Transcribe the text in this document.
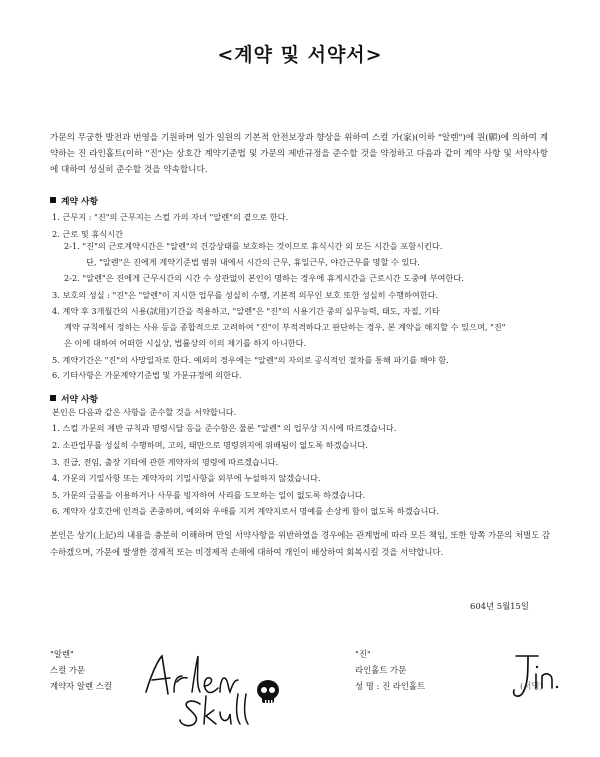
<계약 및 서약서>

가문의 무궁한 발전과 번영을 기원하며 일가 일원의 기본적 안전보장과 향상을 위하여 스컬 가(家)(이하 "알렌")에 원(願)에 의하여 계약하는 진 라인홀트(이하 "진")는 상호간 계약기준법 및 가문의 제반규정을 준수할 것을 약정하고 다음과 같이 계약 사항 및 서약사항에 대하여 성실히 준수할 것을 약속합니다.

계약 사항
1. 근무지 : "진"의 근무지는 스컬 가의 자녀 "알렌"의 곁으로 한다.
2. 근로 및 휴식시간
2-1. "진"의 근로계약시간은 "알렌"의 건강상태를 보호하는 것이므로 휴식시간 외 모든 시간을 포함시킨다.
단, "알렌"은 진에게 계약기준법 범위 내에서 시간의 근무, 휴일근무, 야간근무를 명할 수 있다.
2-2. "알렌"은 진에게 근무시간의 시간 수 상관없이 본인이 명하는 경우에 휴게시간을 근로시간 도중에 부여한다.
3. 보호의 성실 : "진"은 "알렌"이 지시한 업무를 성실히 수행, 기본적 의무인 보호 또한 성실히 수행하여한다.
4. 계약 후 3개월간의 시용(試用)기간을 적용하고, "알렌"은 "진"의 시용기간 중의 실무능력, 태도, 자질, 기타
계약 규칙에서 정하는 사유 등을 종합적으로 고려하여 "진"이 부적격하다고 판단하는 경우, 본 계약을 해지할 수 있으며, "진"
은 이에 대하여 어떠한 시실상, 법률상의 이의 제기를 하지 아니한다.
5. 계약기간은 "진"의 사망일자로 한다. 예외의 경우에는 "알렌"의 자의로 공식적인 절차를 통해 파기를 해야 함.
6. 기타사항은 가문계약기준법 및 가문규정에 의한다.
서약 사항
본인은 다음과 같은 사항을 준수할 것을 서약합니다.
1. 스컬 가문의 제반 규칙과 명령시달 등을 준수함은 물론 "알렌" 의 업무상 지시에 따르겠습니다.
2. 소관업무를 성실히 수행하며, 고의, 태만으로 명령위지에 위배됨이 없도록 하겠습니다.
3. 진급, 전임, 출장 기타에 관한 계약자의 명령에 따르겠습니다.
4. 가문의 기밀사항 또는 계약자의 기밀사항을 외부에 누설하지 않겠습니다.
5. 가문의 금품을 이용하거나 사무를 빙자하여 사리를 도모하는 일이 없도록 하겠습니다.
6. 계약자 상호간에 인격을 존중하며, 예의와 우애를 지켜 계약지로서 명예를 손상케 함이 없도록 하겠습니다.

본인은 상기(上記)의 내용을 충분히 이해하며 만일 서약사항을 위반하였을 경우에는 관계법에 따라 모든 책임, 또한 앙쪽 가문의 처벌도 감수하겠으며, 가문에 발생한 경제적 또는 비경제적 손해에 대하여 개인이 배상하여 회복시킬 것을 서약합니다.

604년 5월15일
"알렌"
스컬 가문
계약자 알렌 스컬
"진"
라인홀트 가문
성 명 : 진 라인홀트	(서명)
